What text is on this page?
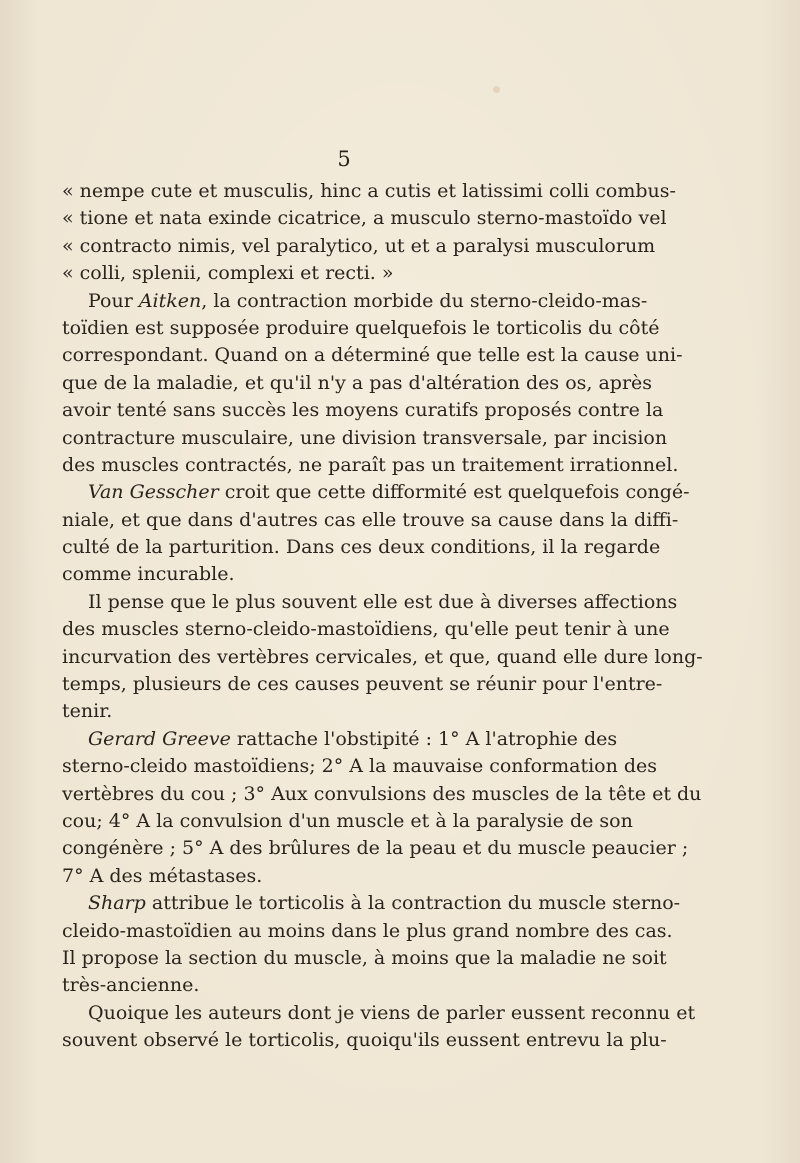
5
« nempe cute et musculis, hinc a cutis et latissimi colli combus-
« tione et nata exinde cicatrice, a musculo sterno-mastoïdo vel
« contracto nimis, vel paralytico, ut et a paralysi musculorum
« colli, splenii, complexi et recti. »
Pour Aitken, la contraction morbide du sterno-cleido-mas-
toïdien est supposée produire quelquefois le torticolis du côté
correspondant. Quand on a déterminé que telle est la cause uni-
que de la maladie, et qu'il n'y a pas d'altération des os, après
avoir tenté sans succès les moyens curatifs proposés contre la
contracture musculaire, une division transversale, par incision
des muscles contractés, ne paraît pas un traitement irrationnel.
Van Gesscher croit que cette difformité est quelquefois congé-
niale, et que dans d'autres cas elle trouve sa cause dans la diffi-
culté de la parturition. Dans ces deux conditions, il la regarde
comme incurable.
Il pense que le plus souvent elle est due à diverses affections
des muscles sterno-cleido-mastoïdiens, qu'elle peut tenir à une
incurvation des vertèbres cervicales, et que, quand elle dure long-
temps, plusieurs de ces causes peuvent se réunir pour l'entre-
tenir.
Gerard Greeve rattache l'obstipité : 1° A l'atrophie des
sterno-cleido mastoïdiens; 2° A la mauvaise conformation des
vertèbres du cou ; 3° Aux convulsions des muscles de la tête et du
cou; 4° A la convulsion d'un muscle et à la paralysie de son
congénère ; 5° A des brûlures de la peau et du muscle peaucier ;
7° A des métastases.
Sharp attribue le torticolis à la contraction du muscle sterno-
cleido-mastoïdien au moins dans le plus grand nombre des cas.
Il propose la section du muscle, à moins que la maladie ne soit
très-ancienne.
Quoique les auteurs dont je viens de parler eussent reconnu et
souvent observé le torticolis, quoiqu'ils eussent entrevu la plu-
